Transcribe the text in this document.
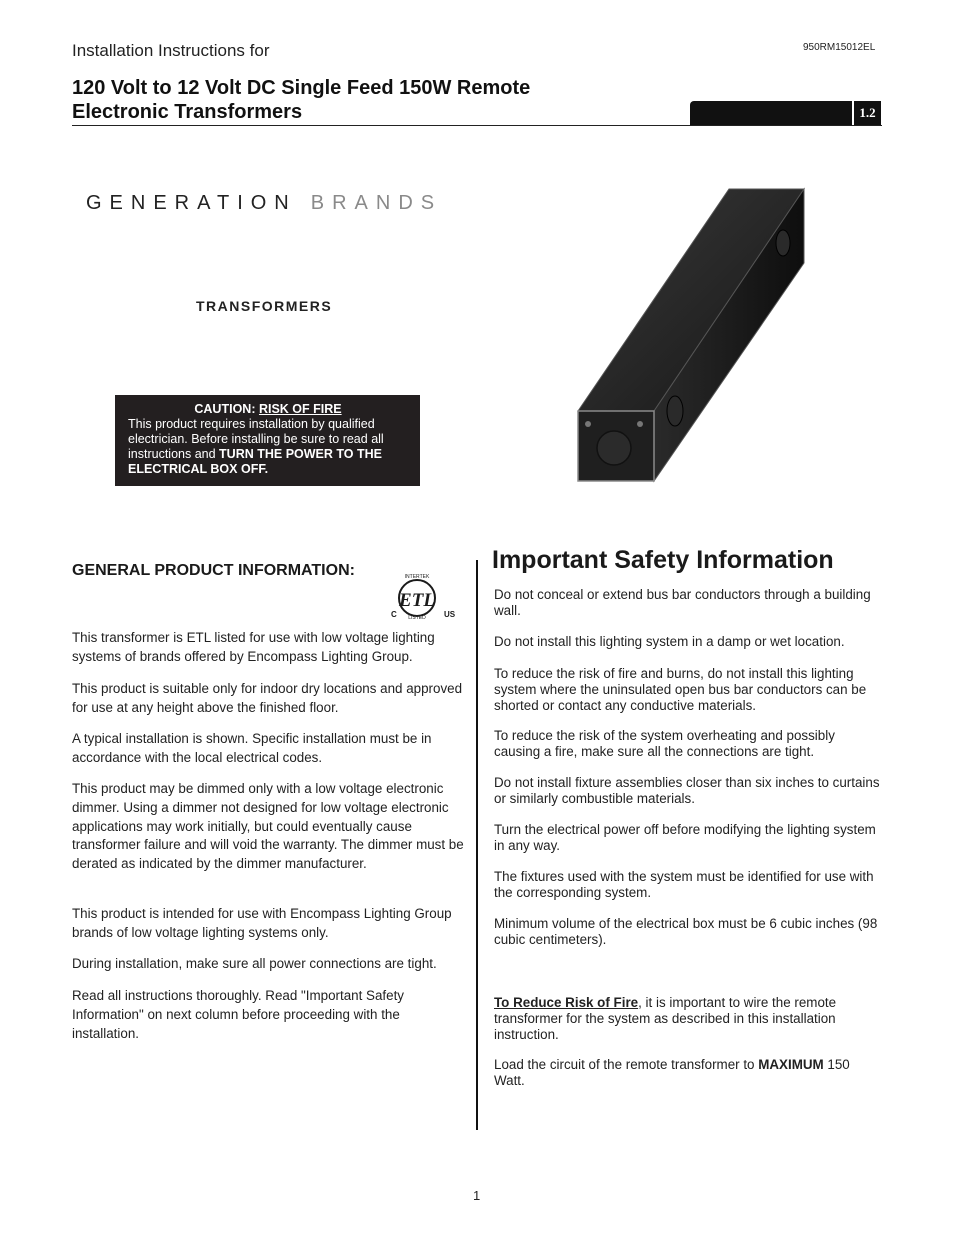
Installation Instructions for	950RM15012EL
120 Volt to 12 Volt DC Single Feed 150W Remote
Electronic Transformers	1.2
GENERATION BRANDS
TRANSFORMERS
CAUTION: RISK OF FIRE
This product requires installation by qualified electrician. Before installing be sure to read all instructions and TURN THE POWER TO THE ELECTRICAL BOX OFF.
GENERAL PRODUCT INFORMATION:
ETL
INTERTEK
LISTED
C	US

This transformer is ETL listed for use with low voltage lighting systems of brands offered by Encompass Lighting Group.

This product is suitable only for indoor dry locations and approved for use at any height above the finished floor.

A typical installation is shown. Specific installation must be in accordance with the local electrical codes.

This product may be dimmed only with a low voltage electronic dimmer. Using a dimmer not designed for low voltage electronic applications may work initially, but could eventually cause transformer failure and will void the warranty. The dimmer must be derated as indicated by the dimmer manufacturer.

This product is intended for use with Encompass Lighting Group brands of low voltage lighting systems only.

During installation, make sure all power connections are tight.

Read all instructions thoroughly. Read "Important Safety Information" on next column before proceeding with the installation.

Important Safety Information

Do not conceal or extend bus bar conductors through a building wall.

Do not install this lighting system in a damp or wet location.

To reduce the risk of fire and burns, do not install this lighting system where the uninsulated open bus bar conductors can be shorted or contact any conductive materials.

To reduce the risk of the system overheating and possibly causing a fire, make sure all the connections are tight.

Do not install fixture assemblies closer than six inches to curtains or similarly combustible materials.

Turn the electrical power off before modifying the lighting system in any way.

The fixtures used with the system must be identified for use with the corresponding system.

Minimum volume of the electrical box must be 6 cubic inches (98 cubic centimeters).

To Reduce Risk of Fire, it is important to wire the remote transformer for the system as described in this installation instruction.

Load the circuit of the remote transformer to MAXIMUM 150 Watt.

1
